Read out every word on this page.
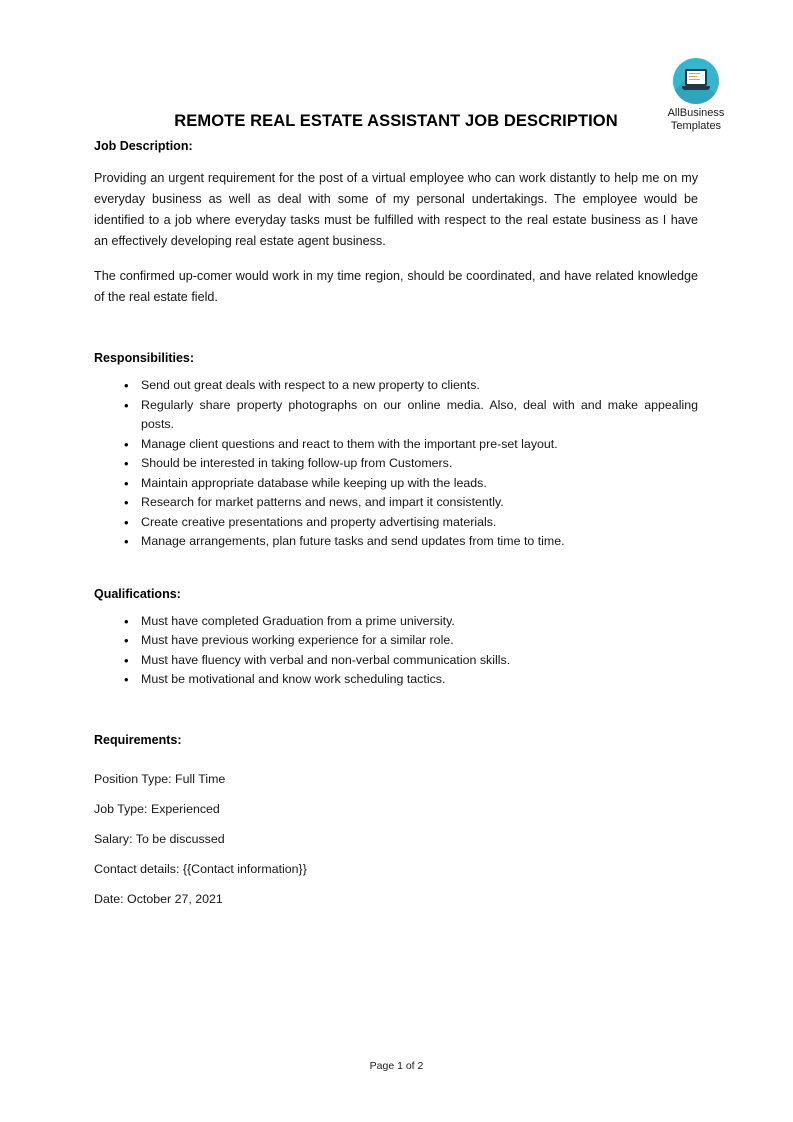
AllBusiness
Templates
REMOTE REAL ESTATE ASSISTANT JOB DESCRIPTION
Job Description:

Providing an urgent requirement for the post of a virtual employee who can work distantly to help me on my everyday business as well as deal with some of my personal undertakings. The employee would be identified to a job where everyday tasks must be fulfilled with respect to the real estate business as I have an effectively developing real estate agent business.

The confirmed up-comer would work in my time region, should be coordinated, and have related knowledge of the real estate field.

Responsibilities:
• Send out great deals with respect to a new property to clients.
• Regularly share property photographs on our online media. Also, deal with and make appealing posts.
• Manage client questions and react to them with the important pre-set layout.
• Should be interested in taking follow-up from Customers.
• Maintain appropriate database while keeping up with the leads.
• Research for market patterns and news, and impart it consistently.
• Create creative presentations and property advertising materials.
• Manage arrangements, plan future tasks and send updates from time to time.
Qualifications:
• Must have completed Graduation from a prime university.
• Must have previous working experience for a similar role.
• Must have fluency with verbal and non-verbal communication skills.
• Must be motivational and know work scheduling tactics.
Requirements:

Position Type: Full Time

Job Type: Experienced

Salary: To be discussed

Contact details: {{Contact information}}

Date: October 27, 2021

Page 1 of 2
